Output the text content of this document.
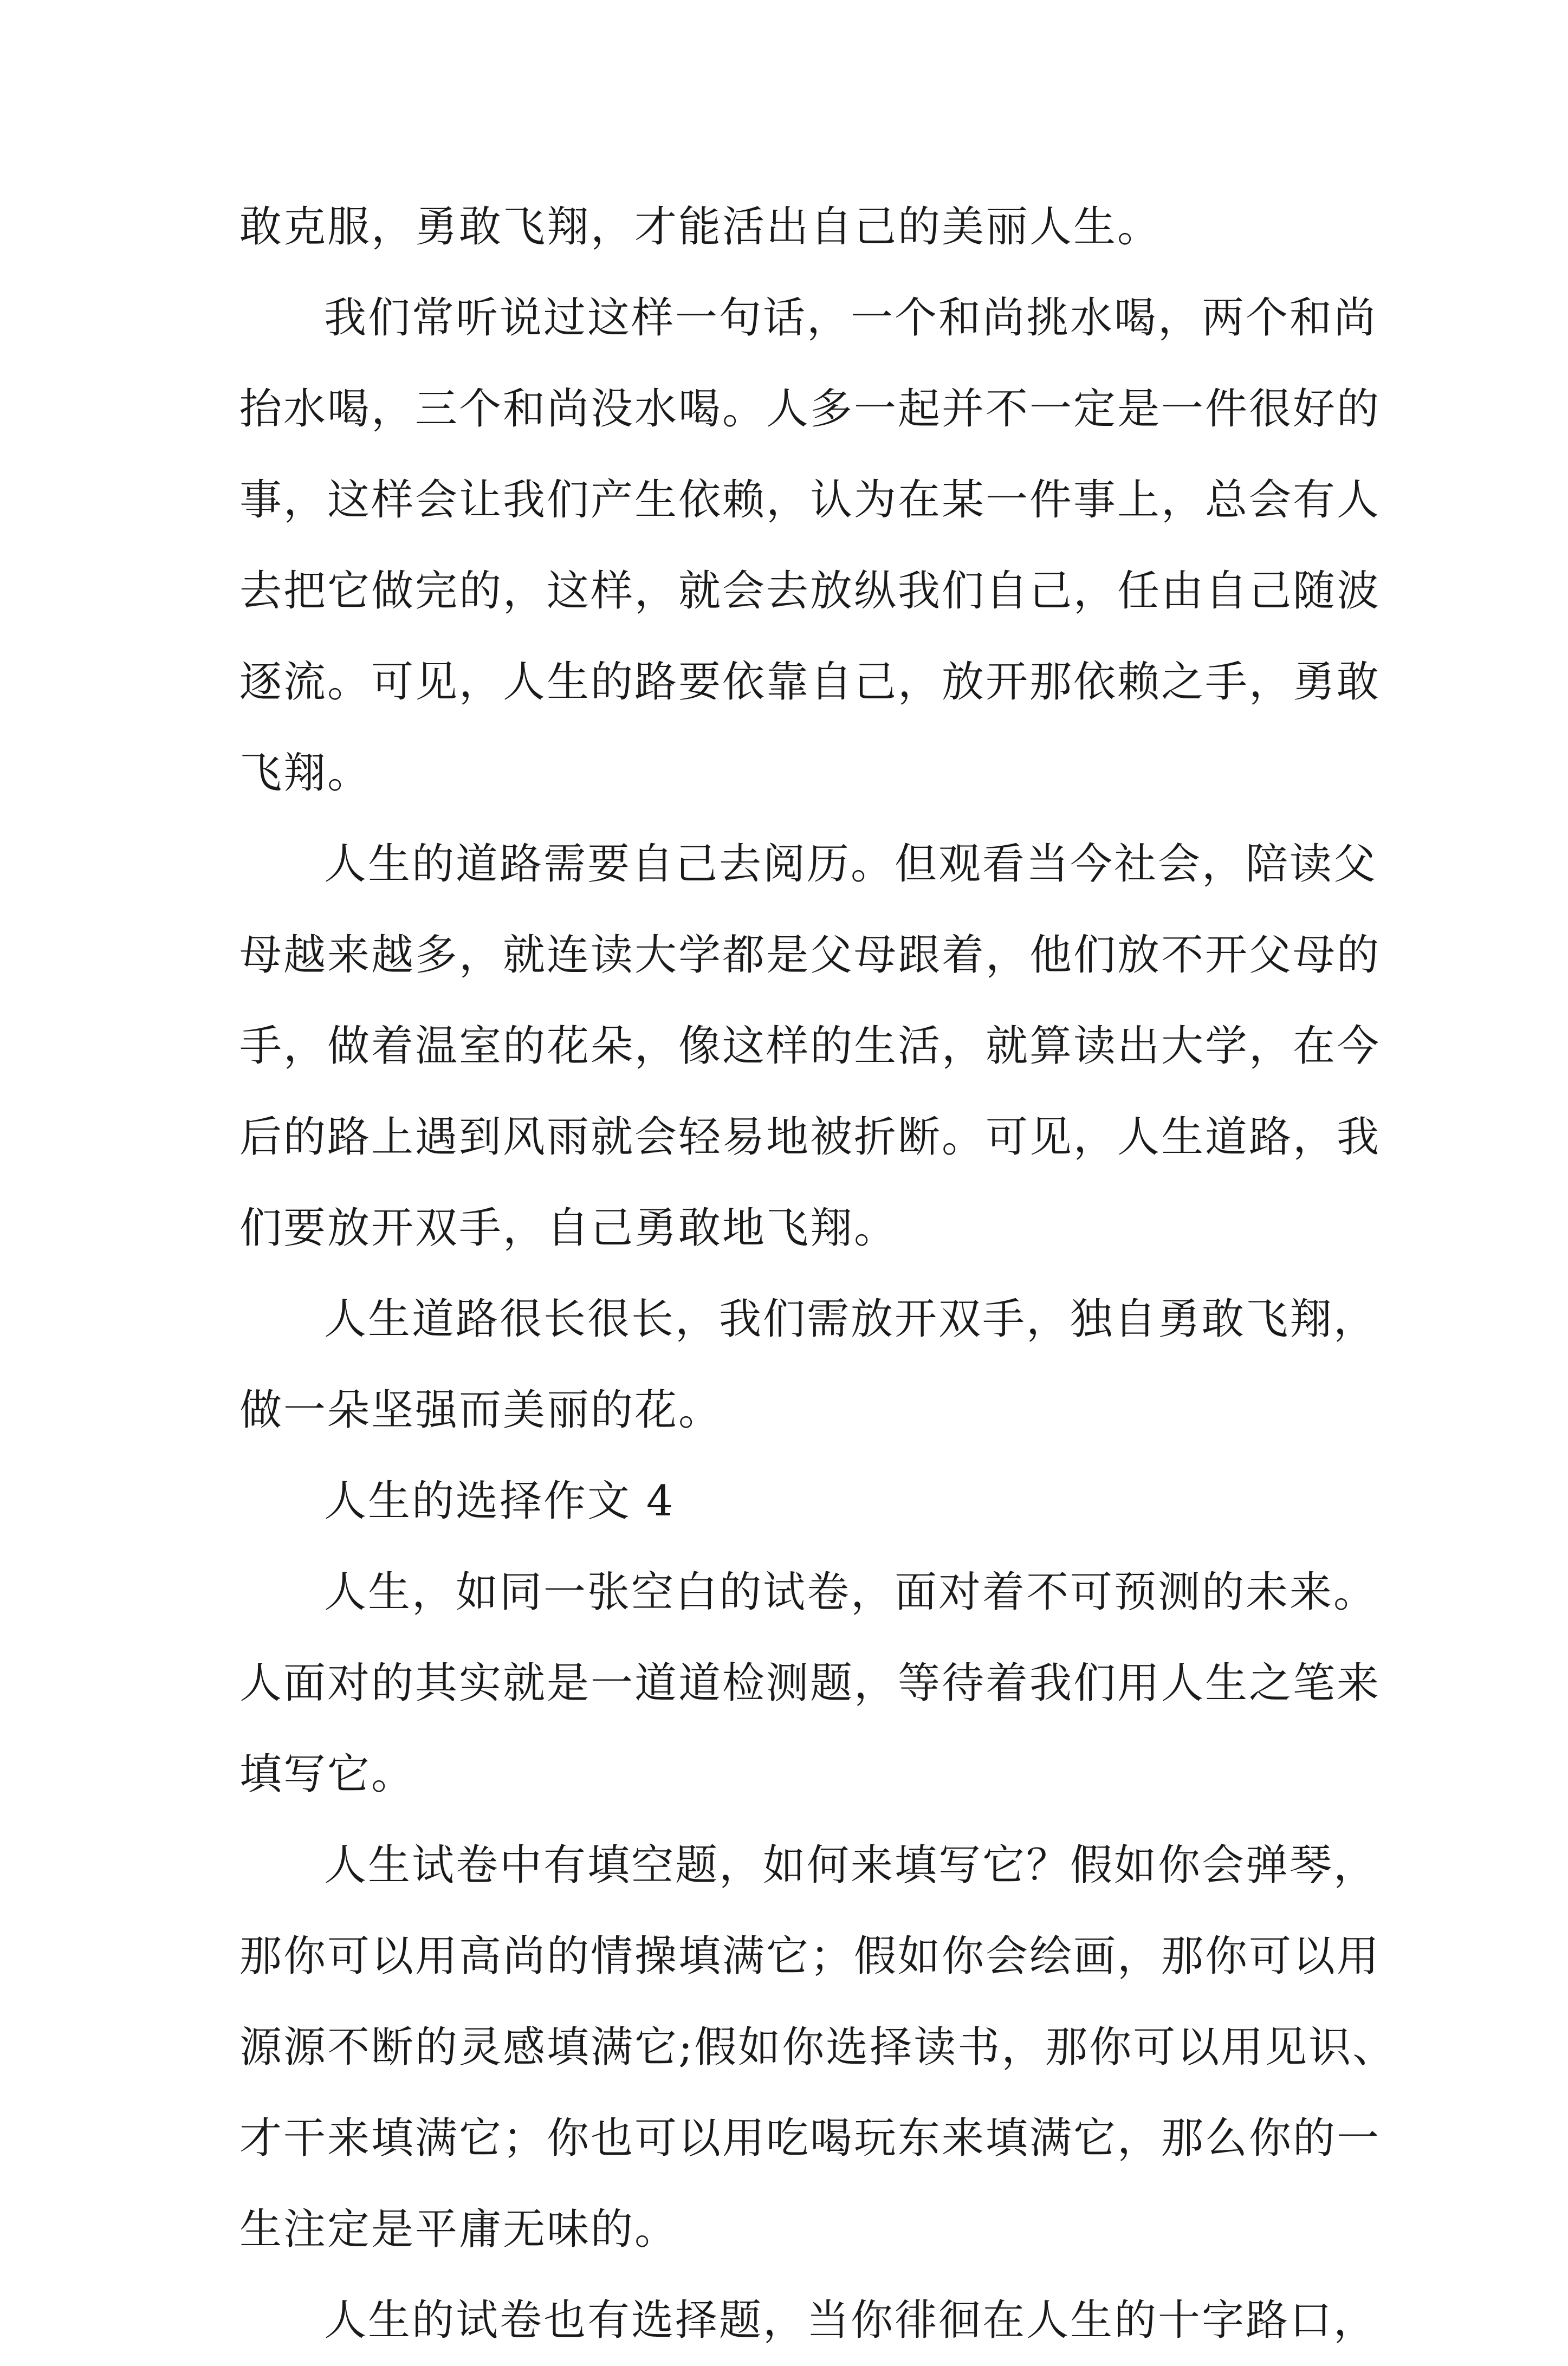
敢克服，勇敢飞翔，才能活出自己的美丽人生。
我们常听说过这样一句话，一个和尚挑水喝，两个和尚
抬水喝，三个和尚没水喝。人多一起并不一定是一件很好的
事，这样会让我们产生依赖，认为在某一件事上，总会有人
去把它做完的，这样，就会去放纵我们自己，任由自己随波
逐流。可见，人生的路要依靠自己，放开那依赖之手，勇敢
飞翔。
人生的道路需要自己去阅历。但观看当今社会，陪读父
母越来越多，就连读大学都是父母跟着，他们放不开父母的
手，做着温室的花朵，像这样的生活，就算读出大学，在今
后的路上遇到风雨就会轻易地被折断。可见，人生道路，我
们要放开双手，自己勇敢地飞翔。
人生道路很长很长，我们需放开双手，独自勇敢飞翔，
做一朵坚强而美丽的花。
人生的选择作文 4
人生，如同一张空白的试卷，面对着不可预测的未来。
人面对的其实就是一道道检测题，等待着我们用人生之笔来
填写它。
人生试卷中有填空题，如何来填写它？假如你会弹琴，
那你可以用高尚的情操填满它；假如你会绘画，那你可以用
源源不断的灵感填满它;假如你选择读书，那你可以用见识、
才干来填满它；你也可以用吃喝玩东来填满它，那么你的一
生注定是平庸无味的。
人生的试卷也有选择题，当你徘徊在人生的十字路口，
